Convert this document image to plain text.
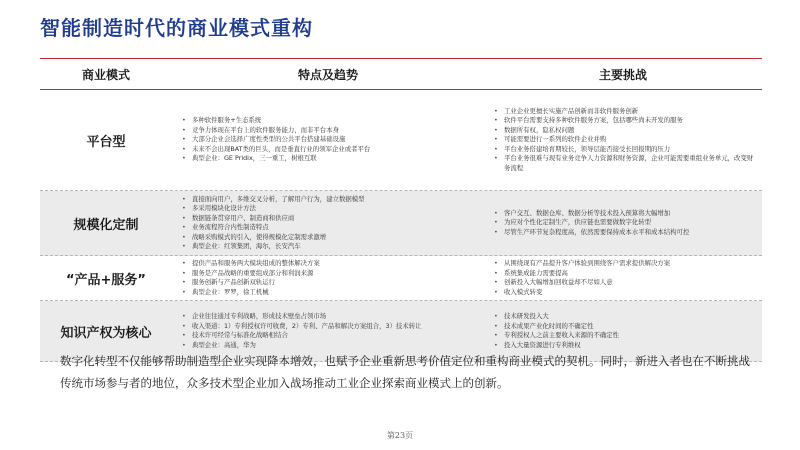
智能制造时代的商业模式重构
商业模式	特点及趋势	主要挑战
平台型
• 多种软件服务+生态系统
• 竞争力体现在平台上的软件服务能力，而非平台本身
• 大部分企业会选择广度性类型的公共平台搭建基础设施
• 未来不会出现BAT类的巨头，而是垂直行业的领军企业或者平台
• 典型企业：GE Pridix，三一重工，树根互联
• 工业企业更擅长实施产品创新而非软件服务创新
• 软件平台需要支持多种软件服务方案，包括哪些尚未开发的服务
• 数据所有权，隐私权问题
• 可能需要进行一系列的软件企业并购
• 平台业务搭建培育期较长，领导层能否接受长回报期的压力
• 平台业务很难与现有业务竞争人力资源和财务资源，企业可能需要重组业务单元，改变财务流程
规模化定制
• 直接面向用户，多维交叉分析，了解用户行为，建立数据模型
• 多采用模块化设计方法
• 数据链条贯穿用户、制造商和供应商
• 业务流程符合内性制造特点
• 战略采购模式的引入，使得规模化定制需求激增
• 典型企业：红领集团，海尔，长安汽车
• 客户交互、数据仓库、数据分析等技术投入预算将大幅增加
• 为应对个性化定制生产，供应链也需要做数字化转型
• 尽管生产环节复杂程度高，依然需要保持成本水平和成本结构可控
“产品+服务”
• 提供产品和服务两大模块组成的整体解决方案
• 服务是产品战略的重要组成部分和利润来源
• 服务创新与产品创新双轨运行
• 典型企业：罗罗，徐工机械
• 从围绕现有产品提升客户体验到围绕客户需求提供解决方案
• 系统集成能力需要提高
• 创新投入大幅增加回收益却不尽如人意
• 收入模式转变
知识产权为核心
• 企业往往通过专利战略，形成技术壁垒占领市场
• 收入渠道：1）专利授权许可收费，2）专利、产品和解决方案组合，3）技术转让
• 技术许可经常与标准化战略相结合
• 典型企业：高通，华为
• 技术研发投入大
• 技术成果产业化时间的不确定性
• 专利授权人之前主要收入来源的不确定性
• 投入大量资源进行专利维权
数字化转型不仅能够帮助制造型企业实现降本增效，也赋予企业重新思考价值定位和重构商业模式的契机。同时，新进入者也在不断挑战传统市场参与者的地位，众多技术型企业加入战场推动工业企业探索商业模式上的创新。
第23页
